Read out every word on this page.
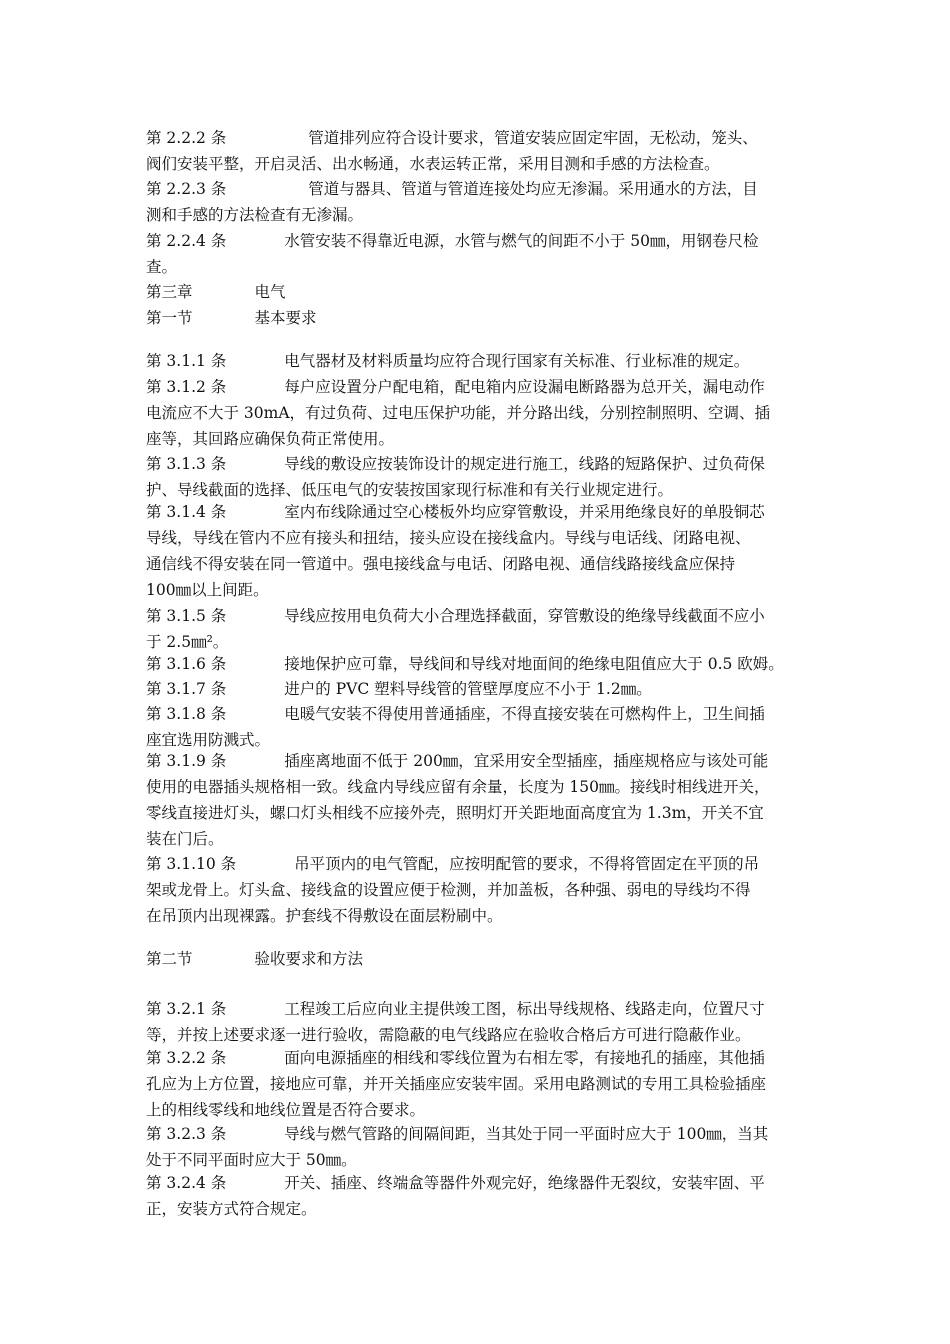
第 2.2.2 条	管道排列应符合设计要求，管道安装应固定牢固，无松动，笼头、
阀们安装平整，开启灵活、出水畅通，水表运转正常，采用目测和手感的方法检查。
第 2.2.3 条	管道与器具、管道与管道连接处均应无渗漏。采用通水的方法，目
测和手感的方法检查有无渗漏。
第 2.2.4 条	水管安装不得靠近电源，水管与燃气的间距不小于 50㎜，用钢卷尺检
查。
第三章	电气
第一节	基本要求
第 3.1.1 条	电气器材及材料质量均应符合现行国家有关标准、行业标准的规定。
第 3.1.2 条	每户应设置分户配电箱，配电箱内应设漏电断路器为总开关，漏电动作
电流应不大于 30mA，有过负荷、过电压保护功能，并分路出线，分别控制照明、空调、插
座等，其回路应确保负荷正常使用。
第 3.1.3 条	导线的敷设应按装饰设计的规定进行施工，线路的短路保护、过负荷保
护、导线截面的选择、低压电气的安装按国家现行标准和有关行业规定进行。
第 3.1.4 条	室内布线除通过空心楼板外均应穿管敷设，并采用绝缘良好的单股铜芯
导线，导线在管内不应有接头和扭结，接头应设在接线盒内。导线与电话线、闭路电视、
通信线不得安装在同一管道中。强电接线盒与电话、闭路电视、通信线路接线盒应保持
100㎜以上间距。
第 3.1.5 条	导线应按用电负荷大小合理选择截面，穿管敷设的绝缘导线截面不应小
于 2.5㎜²。
第 3.1.6 条	接地保护应可靠，导线间和导线对地面间的绝缘电阻值应大于 0.5 欧姆。
第 3.1.7 条	进户的 PVC 塑料导线管的管壁厚度应不小于 1.2㎜。
第 3.1.8 条	电暖气安装不得使用普通插座，不得直接安装在可燃构件上，卫生间插
座宜选用防溅式。
第 3.1.9 条	插座离地面不低于 200㎜，宜采用安全型插座，插座规格应与该处可能
使用的电器插头规格相一致。线盒内导线应留有余量，长度为 150㎜。接线时相线进开关，
零线直接进灯头，螺口灯头相线不应接外壳，照明灯开关距地面高度宜为 1.3m，开关不宜
装在门后。
第 3.1.10 条	吊平顶内的电气管配，应按明配管的要求，不得将管固定在平顶的吊
架或龙骨上。灯头盒、接线盒的设置应便于检测，并加盖板，各种强、弱电的导线均不得
在吊顶内出现裸露。护套线不得敷设在面层粉刷中。
第二节	验收要求和方法
第 3.2.1 条	工程竣工后应向业主提供竣工图，标出导线规格、线路走向，位置尺寸
等，并按上述要求逐一进行验收，需隐蔽的电气线路应在验收合格后方可进行隐蔽作业。
第 3.2.2 条	面向电源插座的相线和零线位置为右相左零，有接地孔的插座，其他插
孔应为上方位置，接地应可靠，并开关插座应安装牢固。采用电路测试的专用工具检验插座
上的相线零线和地线位置是否符合要求。
第 3.2.3 条	导线与燃气管路的间隔间距，当其处于同一平面时应大于 100㎜，当其
处于不同平面时应大于 50㎜。
第 3.2.4 条	开关、插座、终端盒等器件外观完好，绝缘器件无裂纹，安装牢固、平
正，安装方式符合规定。
